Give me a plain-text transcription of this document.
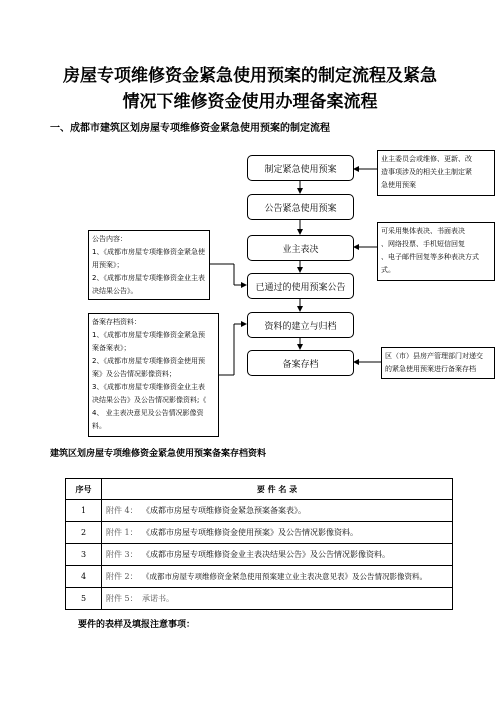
房屋专项维修资金紧急使用预案的制定流程及紧急
情况下维修资金使用办理备案流程
一、成都市建筑区划房屋专项维修资金紧急使用预案的制定流程
制定紧急使用预案
公告紧急使用预案
业主表决
已通过的使用预案公告
资料的建立与归档
备案存档
业主委员会或维修、更新、改
造事项涉及的相关业主制定紧
急使用预案
可采用集体表决、书面表决
、网络投票、手机短信回复
、电子邮件回复等多种表决方式
式。
区（市）县房产管理部门对递交
的紧急使用预案进行备案存档
公告内容：
1、《成都市房屋专项维修资金紧急使
用预案》；
2、《成都市房屋专项维修资金业主表
决结果公告》。
备案存档资料：
1、《成都市房屋专项维修资金紧急预
案备案表》；
2、《成都市房屋专项维修资金使用预
案》及公告情况影像资料；
3、《成都市房屋专项维修资金业主表
决结果公告》及公告情况影像资料;《
4、 业主表决意见及公告情况影像资
料。
建筑区划房屋专项维修资金紧急使用预案备案存档资料
序号	要 件 名 录
1	附件 4： 《成都市房屋专项维修资金紧急预案备案表》。
2	附件 1： 《成都市房屋专项维修资金使用预案》及公告情况影像资料。
3	附件 3： 《成都市房屋专项维修资金业主表决结果公告》及公告情况影像资料。
4	附件 2： 《成都市房屋专项维修资金紧急使用预案建立业主表决意见表》及公告情况影像资料。
5	附件 5： 承诺书。
要件的表样及填报注意事项：
